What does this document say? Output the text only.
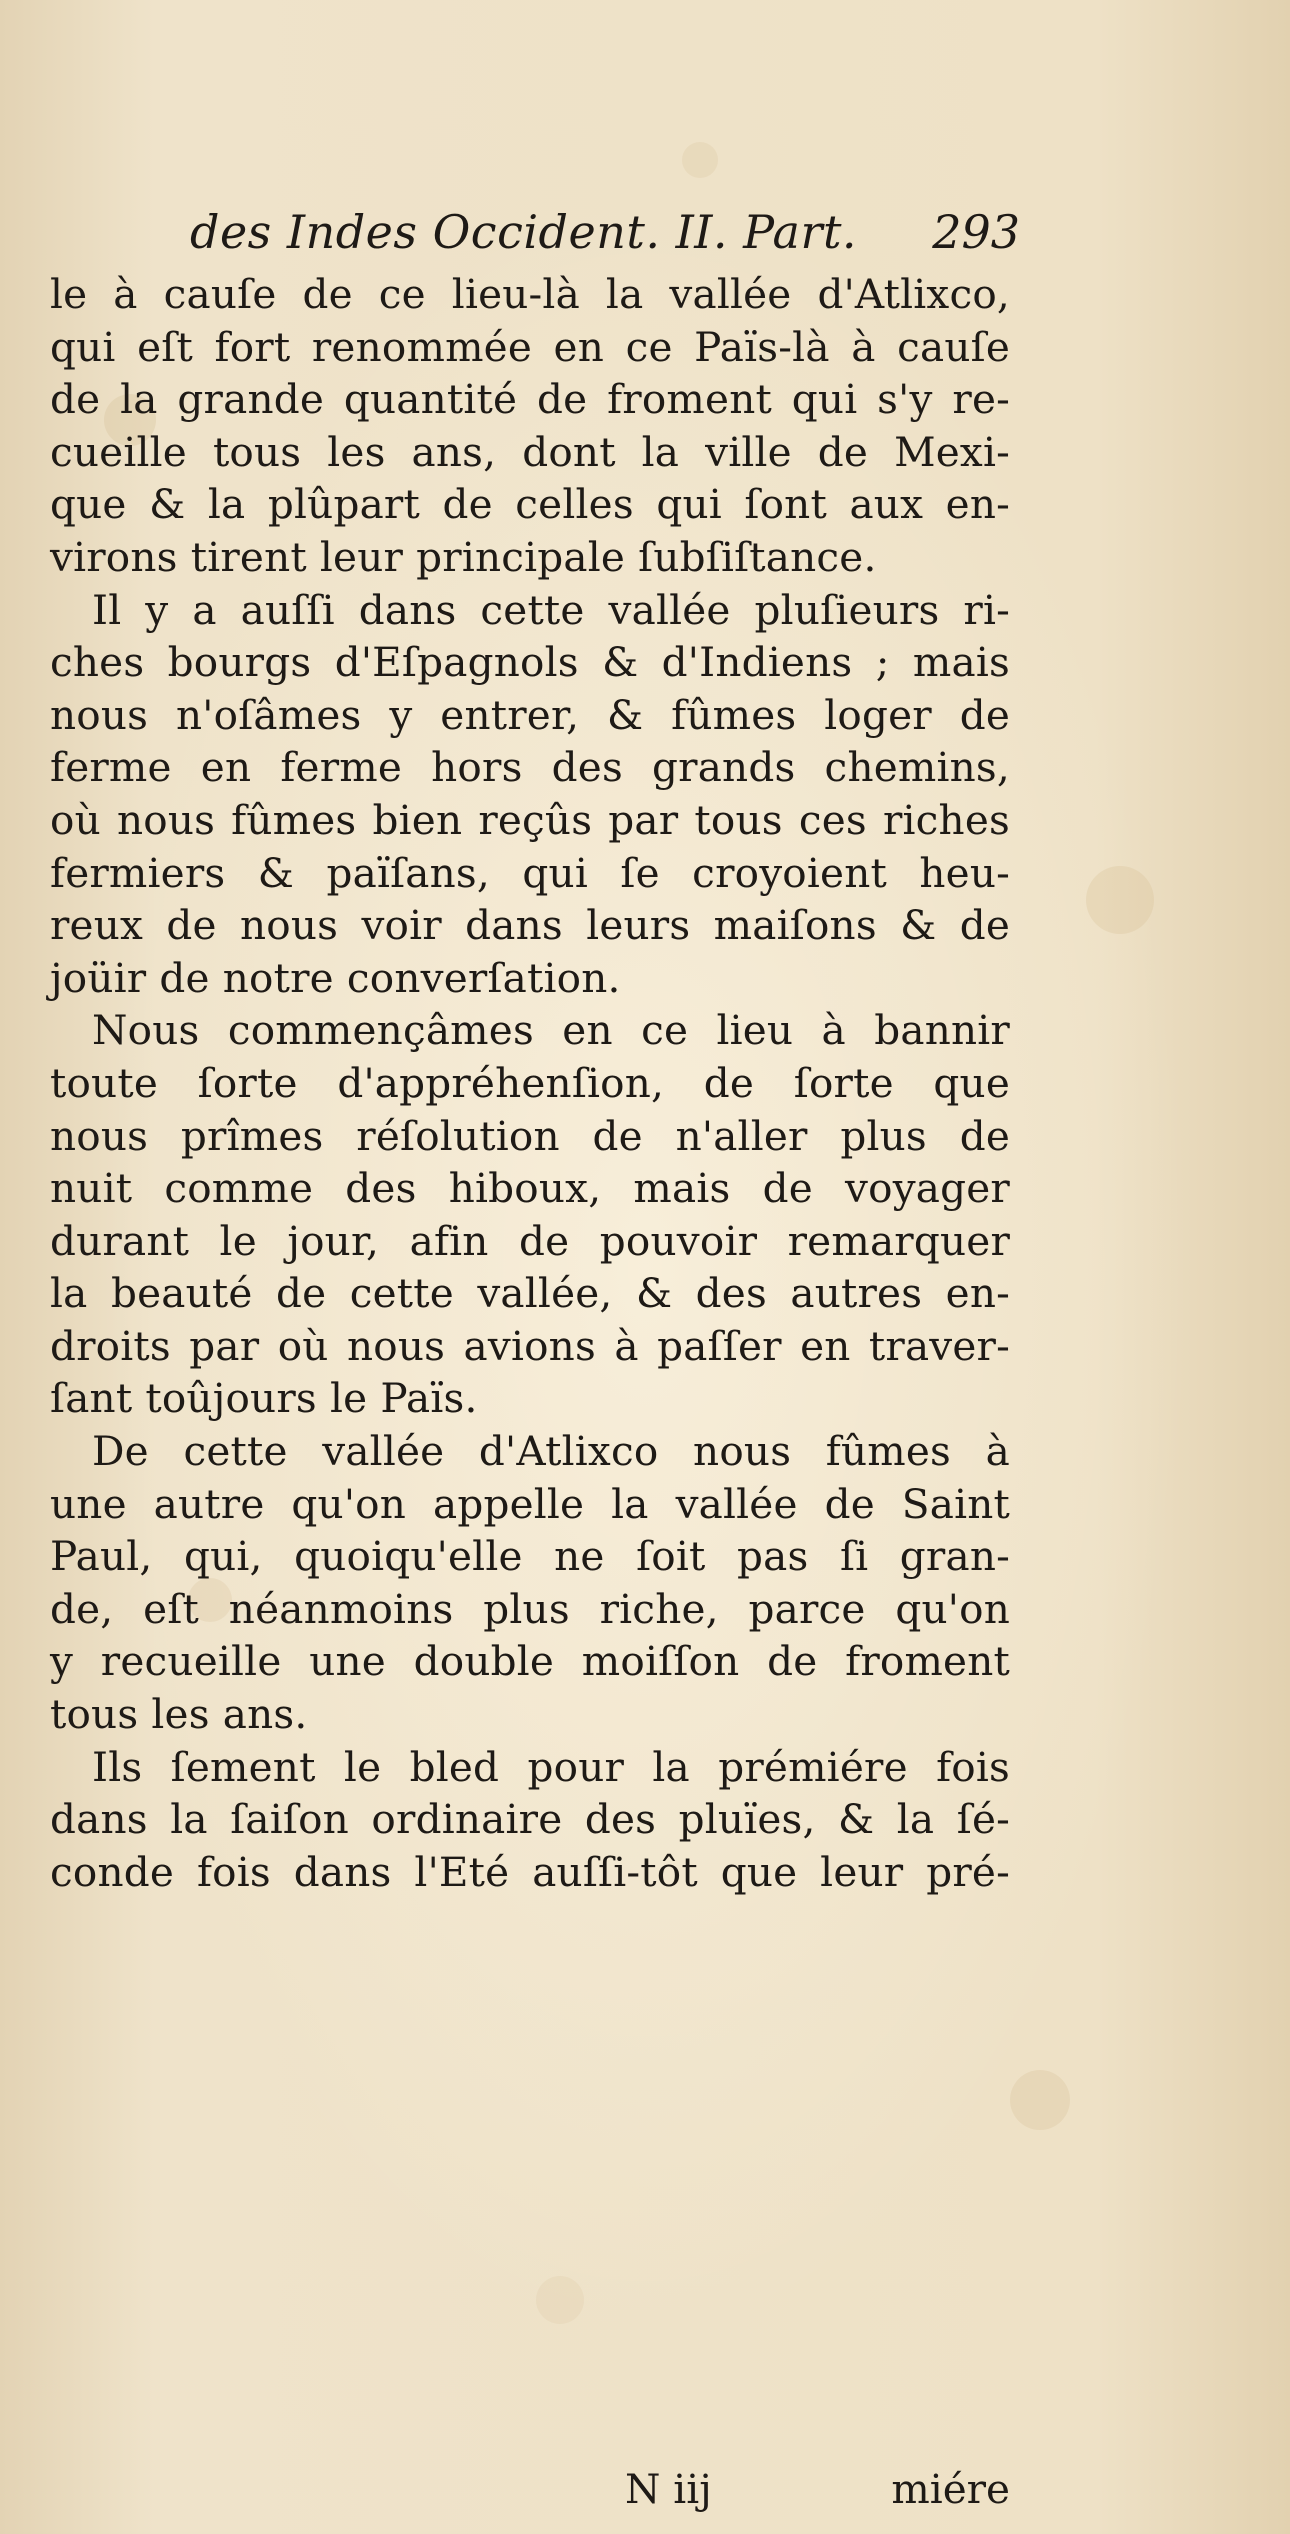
des Indes Occident. II. Part. 293
le à cauſe de ce lieu-là la vallée d'Atlixco,
qui eſt fort renommée en ce Païs-là à cauſe
de la grande quantité de froment qui s'y re-
cueille tous les ans, dont la ville de Mexi-
que & la plûpart de celles qui ſont aux en-
virons tirent leur principale ſubſiſtance.
Il y a auſſi dans cette vallée pluſieurs ri-
ches bourgs d'Eſpagnols & d'Indiens ; mais
nous n'oſâmes y entrer, & fûmes loger de
ferme en ferme hors des grands chemins,
où nous fûmes bien reçûs par tous ces riches
fermiers & païſans, qui ſe croyoient heu-
reux de nous voir dans leurs maiſons & de
joüir de notre converſation.
Nous commençâmes en ce lieu à bannir
toute ſorte d'appréhenſion, de ſorte que
nous prîmes réſolution de n'aller plus de
nuit comme des hiboux, mais de voyager
durant le jour, afin de pouvoir remarquer
la beauté de cette vallée, & des autres en-
droits par où nous avions à paſſer en traver-
ſant toûjours le Païs.
De cette vallée d'Atlixco nous fûmes à
une autre qu'on appelle la vallée de Saint
Paul, qui, quoiqu'elle ne ſoit pas ſi gran-
de, eſt néanmoins plus riche, parce qu'on
y recueille une double moiſſon de froment
tous les ans.
Ils ſement le bled pour la prémiére fois
dans la ſaiſon ordinaire des pluïes, & la ſé-
conde fois dans l'Eté auſſi-tôt que leur pré-
N iij	miére
